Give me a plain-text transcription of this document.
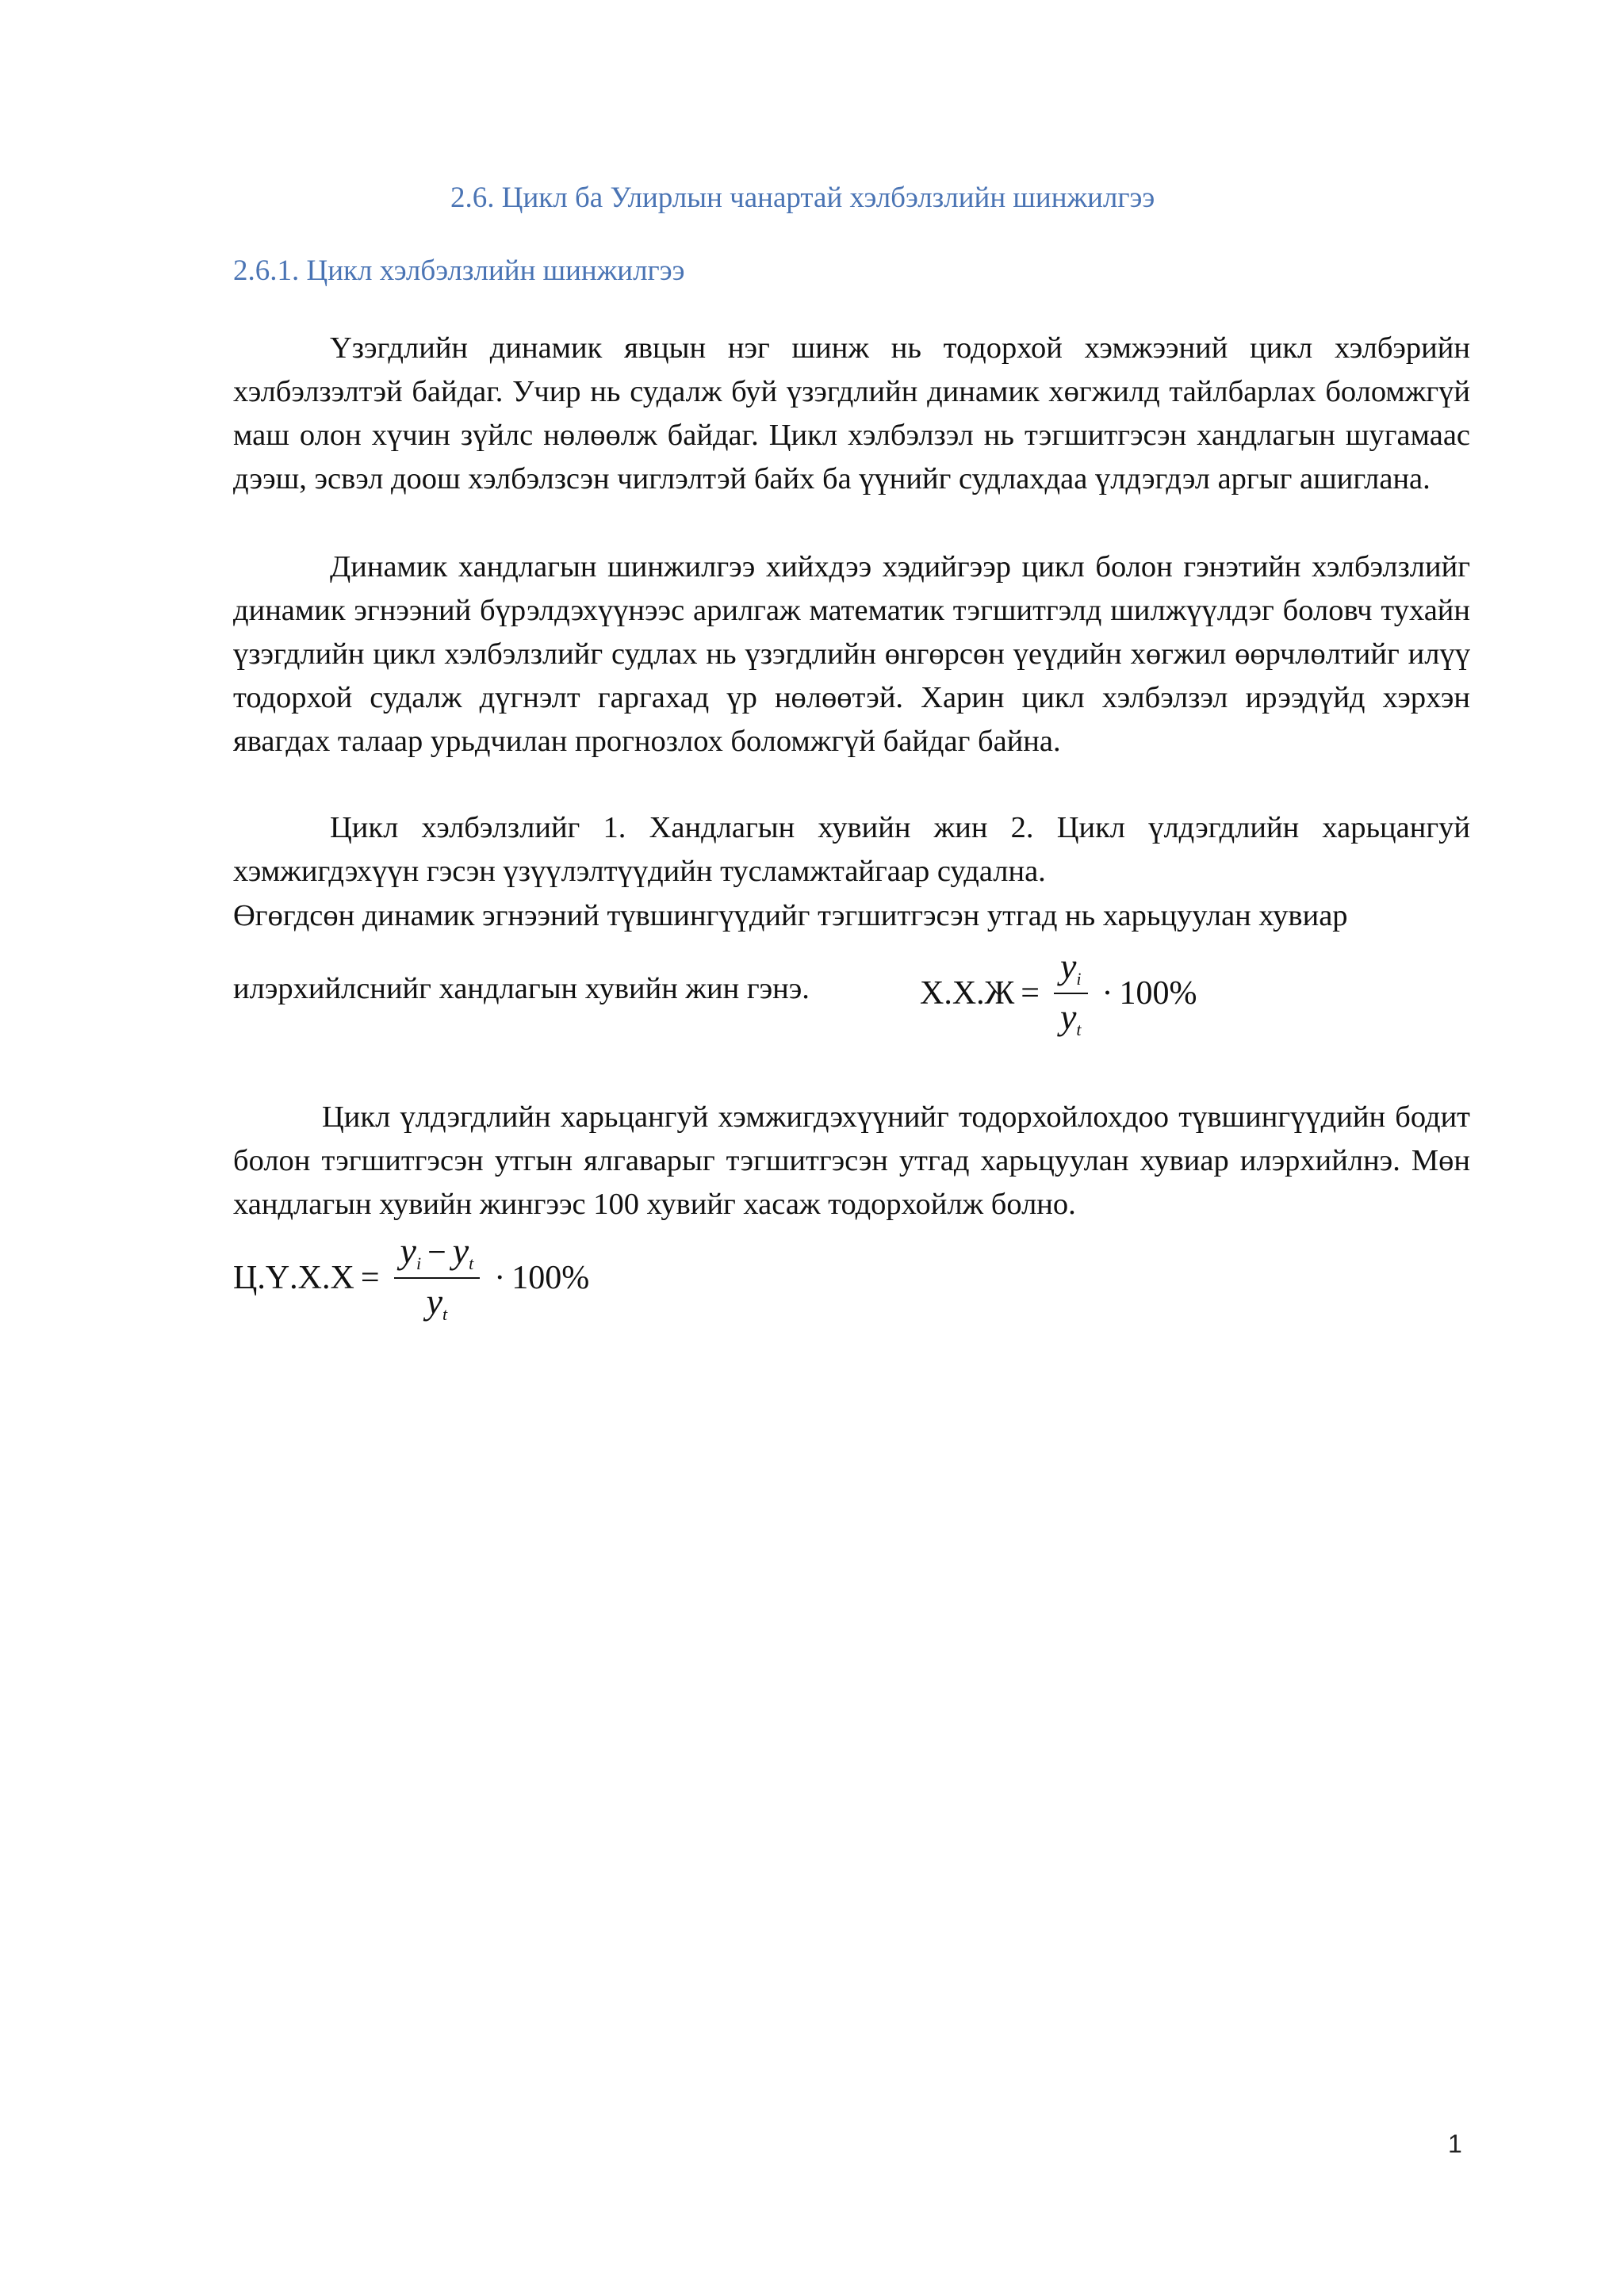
2.6. Цикл ба Улирлын чанартай хэлбэлзлийн шинжилгээ
2.6.1. Цикл хэлбэлзлийн шинжилгээ

Үзэгдлийн динамик явцын нэг шинж нь тодорхой хэмжээний цикл хэлбэрийн хэлбэлзэлтэй байдаг. Учир нь судалж буй үзэгдлийн динамик хөгжилд тайлбарлах боломжгүй маш олон хүчин зүйлс нөлөөлж байдаг. Цикл хэлбэлзэл нь тэгшитгэсэн хандлагын шугамаас дээш, эсвэл доош хэлбэлзсэн чиглэлтэй байх ба үүнийг судлахдаа үлдэгдэл аргыг ашиглана.

Динамик хандлагын шинжилгээ хийхдээ хэдийгээр цикл болон гэнэтийн хэлбэлзлийг динамик эгнээний бүрэлдэхүүнээс арилгаж математик тэгшитгэлд шилжүүлдэг боловч тухайн үзэгдлийн цикл хэлбэлзлийг судлах нь үзэгдлийн өнгөрсөн үеүдийн хөгжил өөрчлөлтийг илүү тодорхой судалж дүгнэлт гаргахад үр нөлөөтэй. Харин цикл хэлбэлзэл ирээдүйд хэрхэн явагдах талаар урьдчилан прогнозлох боломжгүй байдаг байна.

Цикл хэлбэлзлийг 1. Хандлагын хувийн жин 2. Цикл үлдэгдлийн харьцангуй хэмжигдэхүүн гэсэн үзүүлэлтүүдийн тусламжтайгаар судална.

Өгөгдсөн динамик эгнээний түвшингүүдийг тэгшитгэсэн утгад нь харьцуулан хувиар

илэрхийлснийг хандлагын хувийн жин гэнэ.	$Х.Х.Ж = \frac{y_i}{y_t} \cdot 100\%$

Цикл үлдэгдлийн харьцангуй хэмжигдэхүүнийг тодорхойлохдоо түвшингүүдийн бодит болон тэгшитгэсэн утгын ялгаварыг тэгшитгэсэн утгад харьцуулан хувиар илэрхийлнэ. Мөн хандлагын хувийн жингээс 100 хувийг хасаж тодорхойлж болно.

$Ц.Ү.Х.Х = \frac{y_i - y_t}{y_t} \cdot 100\%$
1
